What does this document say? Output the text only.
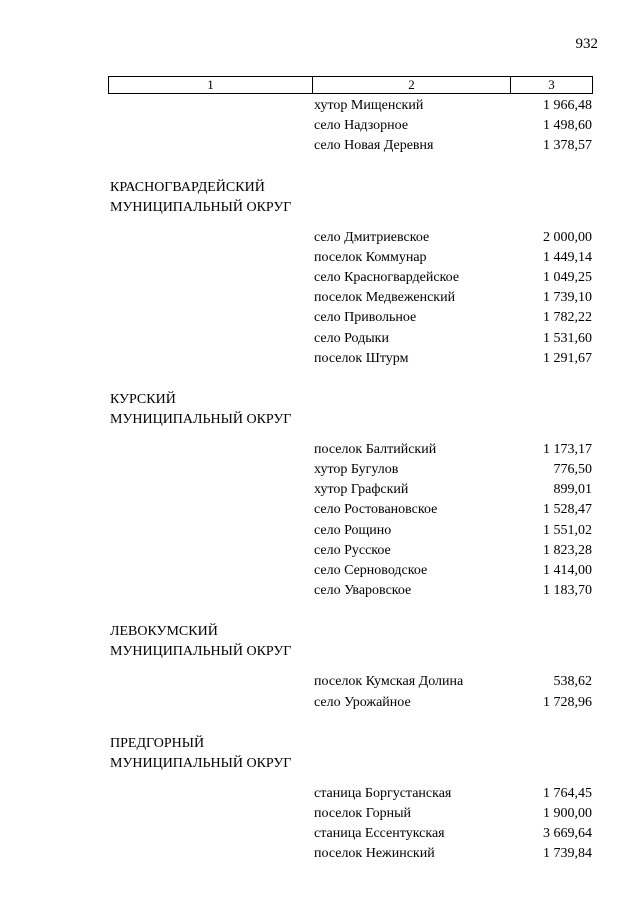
932
1	2	3
хутор Мищенский	1 966,48
село Надзорное	1 498,60
село Новая Деревня	1 378,57
КРАСНОГВАРДЕЙСКИЙ
МУНИЦИПАЛЬНЫЙ ОКРУГ
село Дмитриевское	2 000,00
поселок Коммунар	1 449,14
село Красногвардейское	1 049,25
поселок Медвеженский	1 739,10
село Привольное	1 782,22
село Родыки	1 531,60
поселок Штурм	1 291,67
КУРСКИЙ
МУНИЦИПАЛЬНЫЙ ОКРУГ
поселок Балтийский	1 173,17
хутор Бугулов	776,50
хутор Графский	899,01
село Ростовановское	1 528,47
село Рощино	1 551,02
село Русское	1 823,28
село Серноводское	1 414,00
село Уваровское	1 183,70
ЛЕВОКУМСКИЙ
МУНИЦИПАЛЬНЫЙ ОКРУГ
поселок Кумская Долина	538,62
село Урожайное	1 728,96
ПРЕДГОРНЫЙ
МУНИЦИПАЛЬНЫЙ ОКРУГ
станица Боргустанская	1 764,45
поселок Горный	1 900,00
станица Ессентукская	3 669,64
поселок Нежинский	1 739,84
